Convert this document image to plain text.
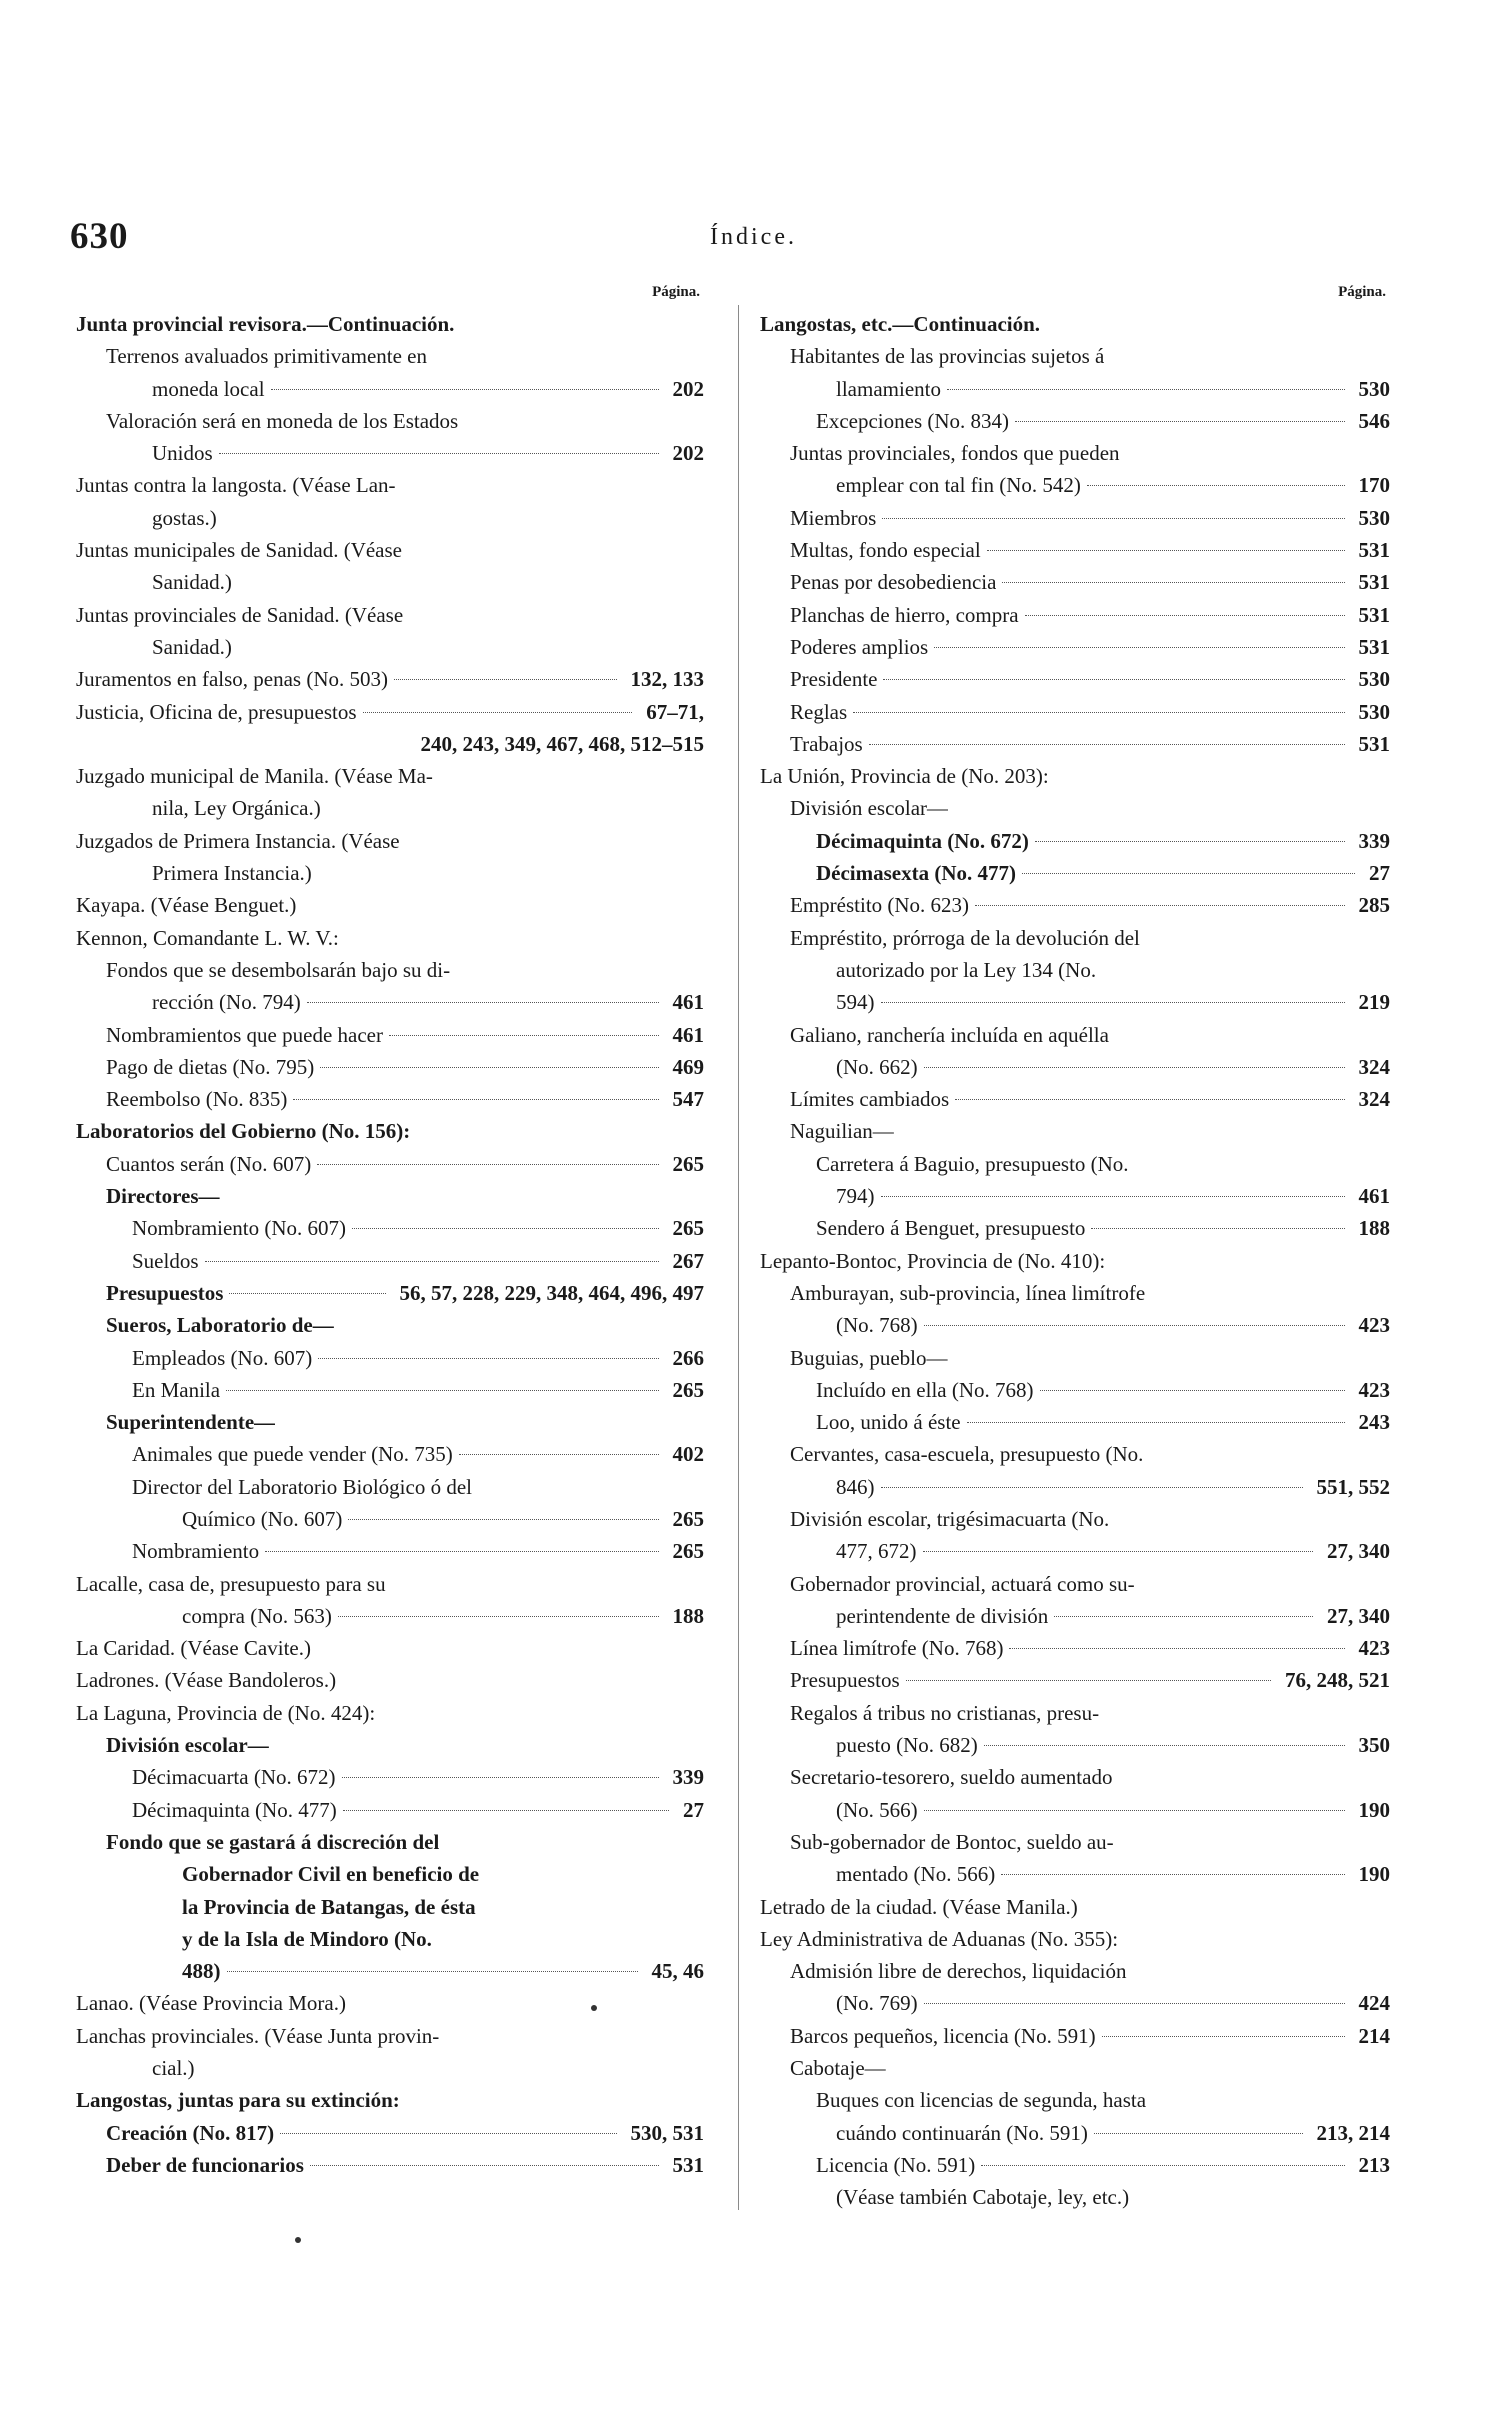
630	Índice.
Página.
Junta provincial revisora.—Continuación.
Terrenos avaluados primitivamente en
moneda local	202
Valoración será en moneda de los Estados
Unidos	202
Juntas contra la langosta. (Véase Lan-
gostas.)
Juntas municipales de Sanidad. (Véase
Sanidad.)
Juntas provinciales de Sanidad. (Véase
Sanidad.)
Juramentos en falso, penas (No. 503)	132, 133
Justicia, Oficina de, presupuestos	67–71,
240, 243, 349, 467, 468, 512–515
Juzgado municipal de Manila. (Véase Ma-
nila, Ley Orgánica.)
Juzgados de Primera Instancia. (Véase
Primera Instancia.)
Kayapa. (Véase Benguet.)
Kennon, Comandante L. W. V.:
Fondos que se desembolsarán bajo su di-
rección (No. 794)	461
Nombramientos que puede hacer	461
Pago de dietas (No. 795)	469
Reembolso (No. 835)	547
Laboratorios del Gobierno (No. 156):
Cuantos serán (No. 607)	265
Directores—
Nombramiento (No. 607)	265
Sueldos	267
Presupuestos	56, 57, 228, 229, 348, 464, 496, 497
Sueros, Laboratorio de—
Empleados (No. 607)	266
En Manila	265
Superintendente—
Animales que puede vender (No. 735)	402
Director del Laboratorio Biológico ó del
Químico (No. 607)	265
Nombramiento	265
Lacalle, casa de, presupuesto para su
compra (No. 563)	188
La Caridad. (Véase Cavite.)
Ladrones. (Véase Bandoleros.)
La Laguna, Provincia de (No. 424):
División escolar—
Décimacuarta (No. 672)	339
Décimaquinta (No. 477)	27
Fondo que se gastará á discreción del
Gobernador Civil en beneficio de
la Provincia de Batangas, de ésta
y de la Isla de Mindoro (No.
488)	45, 46
Lanao. (Véase Provincia Mora.)
Lanchas provinciales. (Véase Junta provin-
cial.)
Langostas, juntas para su extinción:
Creación (No. 817)	530, 531
Deber de funcionarios	531
Página.
Langostas, etc.—Continuación.
Habitantes de las provincias sujetos á
llamamiento	530
Excepciones (No. 834)	546
Juntas provinciales, fondos que pueden
emplear con tal fin (No. 542)	170
Miembros	530
Multas, fondo especial	531
Penas por desobediencia	531
Planchas de hierro, compra	531
Poderes amplios	531
Presidente	530
Reglas	530
Trabajos	531
La Unión, Provincia de (No. 203):
División escolar—
Décimaquinta (No. 672)	339
Décimasexta (No. 477)	27
Empréstito (No. 623)	285
Empréstito, prórroga de la devolución del
autorizado por la Ley 134 (No.
594)	219
Galiano, ranchería incluída en aquélla
(No. 662)	324
Límites cambiados	324
Naguilian—
Carretera á Baguio, presupuesto (No.
794)	461
Sendero á Benguet, presupuesto	188
Lepanto-Bontoc, Provincia de (No. 410):
Amburayan, sub-provincia, línea limítrofe
(No. 768)	423
Buguias, pueblo—
Incluído en ella (No. 768)	423
Loo, unido á éste	243
Cervantes, casa-escuela, presupuesto (No.
846)	551, 552
División escolar, trigésimacuarta (No.
477, 672)	27, 340
Gobernador provincial, actuará como su-
perintendente de división	27, 340
Línea limítrofe (No. 768)	423
Presupuestos	76, 248, 521
Regalos á tribus no cristianas, presu-
puesto (No. 682)	350
Secretario-tesorero, sueldo aumentado
(No. 566)	190
Sub-gobernador de Bontoc, sueldo au-
mentado (No. 566)	190
Letrado de la ciudad. (Véase Manila.)
Ley Administrativa de Aduanas (No. 355):
Admisión libre de derechos, liquidación
(No. 769)	424
Barcos pequeños, licencia (No. 591)	214
Cabotaje—
Buques con licencias de segunda, hasta
cuándo continuarán (No. 591)	213, 214
Licencia (No. 591)	213
(Véase también Cabotaje, ley, etc.)
